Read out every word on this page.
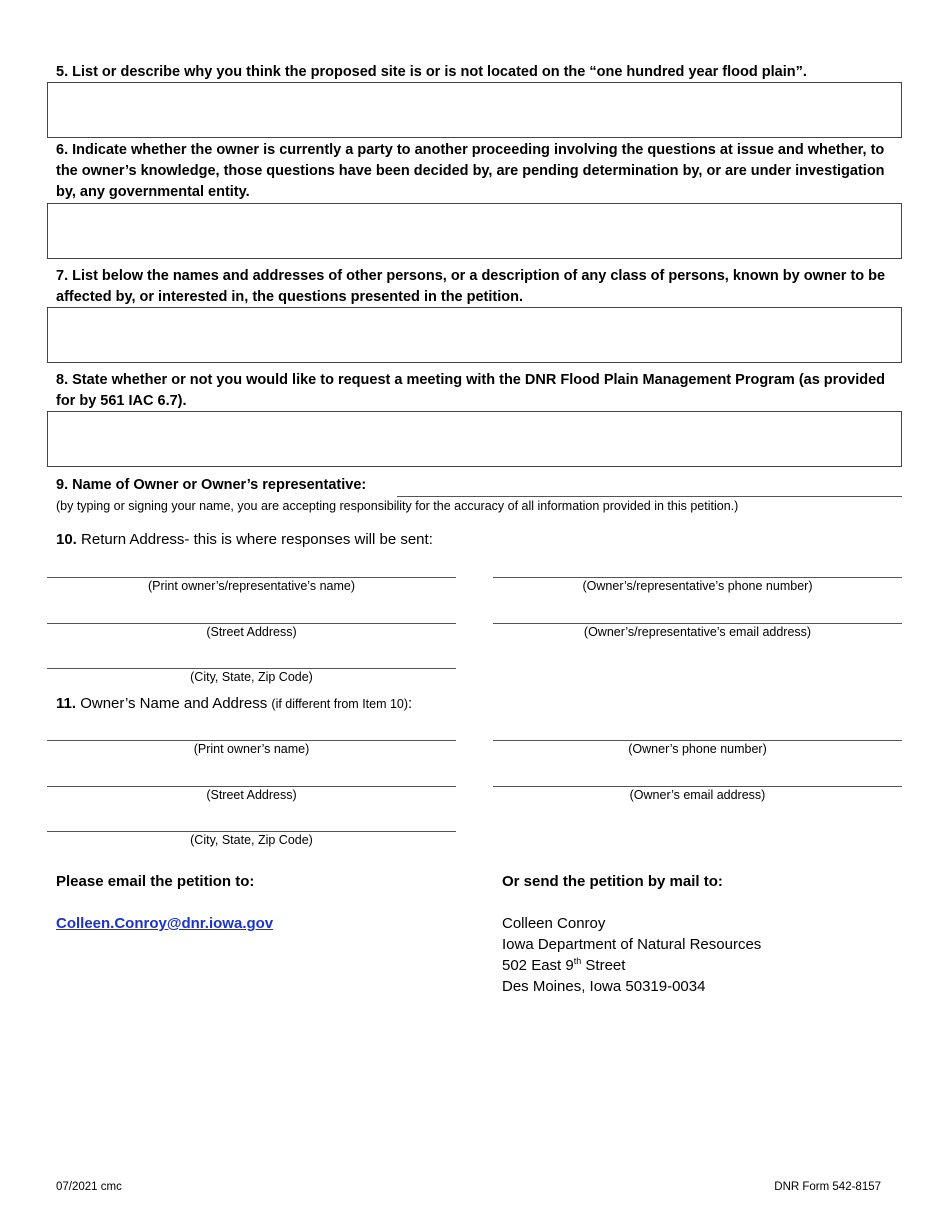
5. List or describe why you think the proposed site is or is not located on the “one hundred year flood plain”.
6. Indicate whether the owner is currently a party to another proceeding involving the questions at issue and whether, to the owner’s knowledge, those questions have been decided by, are pending determination by, or are under investigation by, any governmental entity.
7. List below the names and addresses of other persons, or a description of any class of persons, known by owner to be affected by, or interested in, the questions presented in the petition.
8. State whether or not you would like to request a meeting with the DNR Flood Plain Management Program (as provided for by 561 IAC 6.7).
9. Name of Owner or Owner’s representative:
(by typing or signing your name, you are accepting responsibility for the accuracy of all information provided in this petition.)
10. Return Address- this is where responses will be sent:
(Print owner’s/representative’s name)	(Owner’s/representative’s phone number)
(Street Address)	(Owner’s/representative’s email address)
(City, State, Zip Code)
11. Owner’s Name and Address (if different from Item 10):
(Print owner’s name)	(Owner’s phone number)
(Street Address)	(Owner’s email address)
(City, State, Zip Code)
Please email the petition to:
Colleen.Conroy@dnr.iowa.gov
Or send the petition by mail to:
Colleen Conroy
Iowa Department of Natural Resources
502 East 9th Street
Des Moines, Iowa 50319-0034
07/2021 cmc	DNR Form 542-8157
